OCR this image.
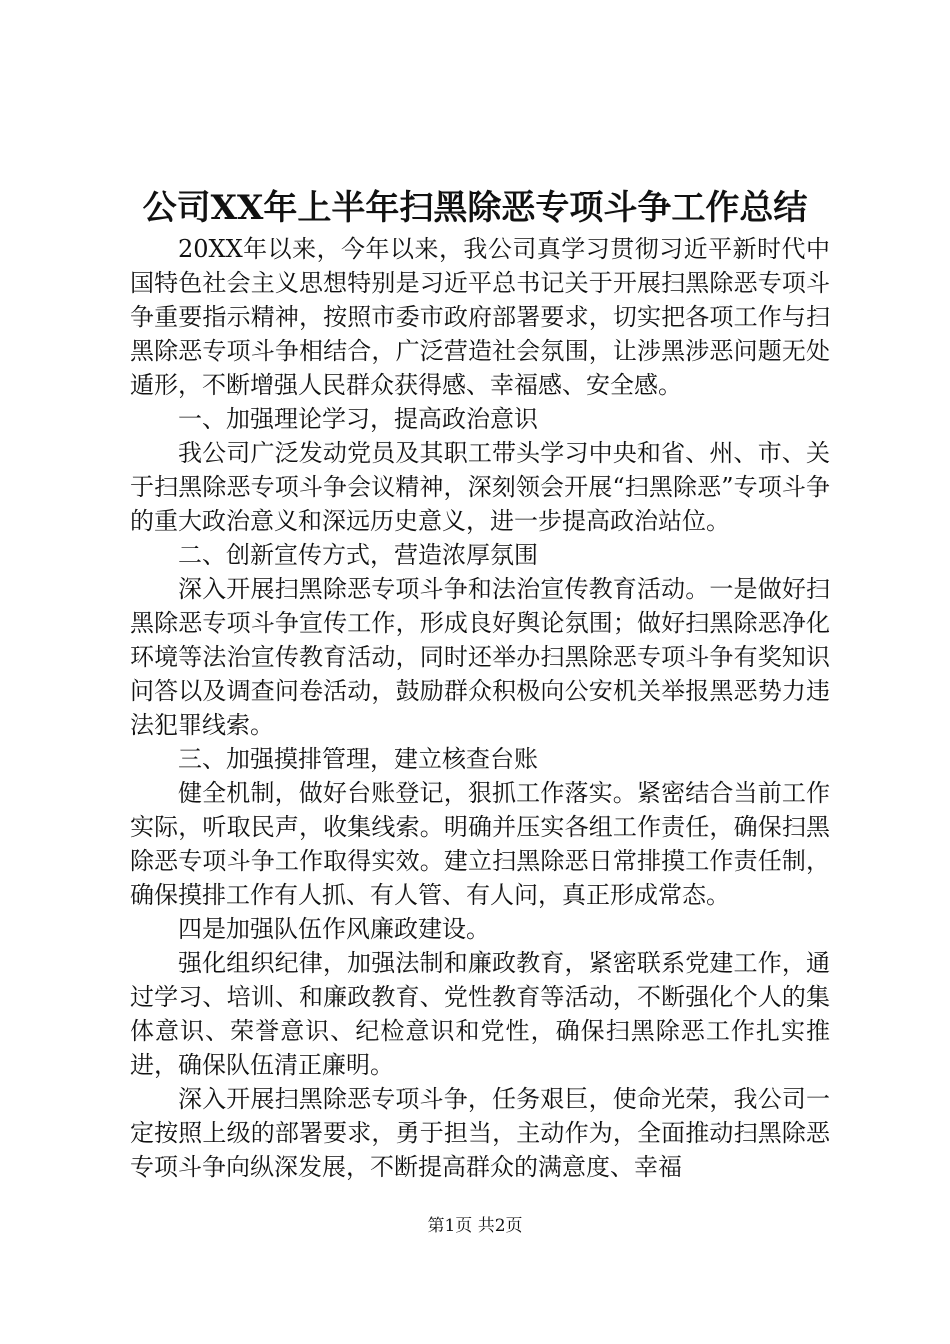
公司XX年上半年扫黑除恶专项斗争工作总结

20XX年以来，今年以来，我公司真学习贯彻习近平新时代中国特色社会主义思想特别是习近平总书记关于开展扫黑除恶专项斗争重要指示精神，按照市委市政府部署要求，切实把各项工作与扫黑除恶专项斗争相结合，广泛营造社会氛围，让涉黑涉恶问题无处遁形，不断增强人民群众获得感、幸福感、安全感。

一、加强理论学习，提高政治意识

我公司广泛发动党员及其职工带头学习中央和省、州、市、关于扫黑除恶专项斗争会议精神，深刻领会开展“扫黑除恶”专项斗争的重大政治意义和深远历史意义，进一步提高政治站位。

二、创新宣传方式，营造浓厚氛围

深入开展扫黑除恶专项斗争和法治宣传教育活动。一是做好扫黑除恶专项斗争宣传工作，形成良好舆论氛围；做好扫黑除恶净化环境等法治宣传教育活动，同时还举办扫黑除恶专项斗争有奖知识问答以及调查问卷活动，鼓励群众积极向公安机关举报黑恶势力违法犯罪线索。

三、加强摸排管理，建立核查台账

健全机制，做好台账登记，狠抓工作落实。紧密结合当前工作实际，听取民声，收集线索。明确并压实各组工作责任，确保扫黑除恶专项斗争工作取得实效。建立扫黑除恶日常排摸工作责任制，确保摸排工作有人抓、有人管、有人问，真正形成常态。

四是加强队伍作风廉政建设。

强化组织纪律，加强法制和廉政教育，紧密联系党建工作，通过学习、培训、和廉政教育、党性教育等活动，不断强化个人的集体意识、荣誉意识、纪检意识和党性，确保扫黑除恶工作扎实推进，确保队伍清正廉明。

深入开展扫黑除恶专项斗争，任务艰巨，使命光荣，我公司一定按照上级的部署要求，勇于担当，主动作为，全面推动扫黑除恶专项斗争向纵深发展，不断提高群众的满意度、幸福

第1页 共2页
